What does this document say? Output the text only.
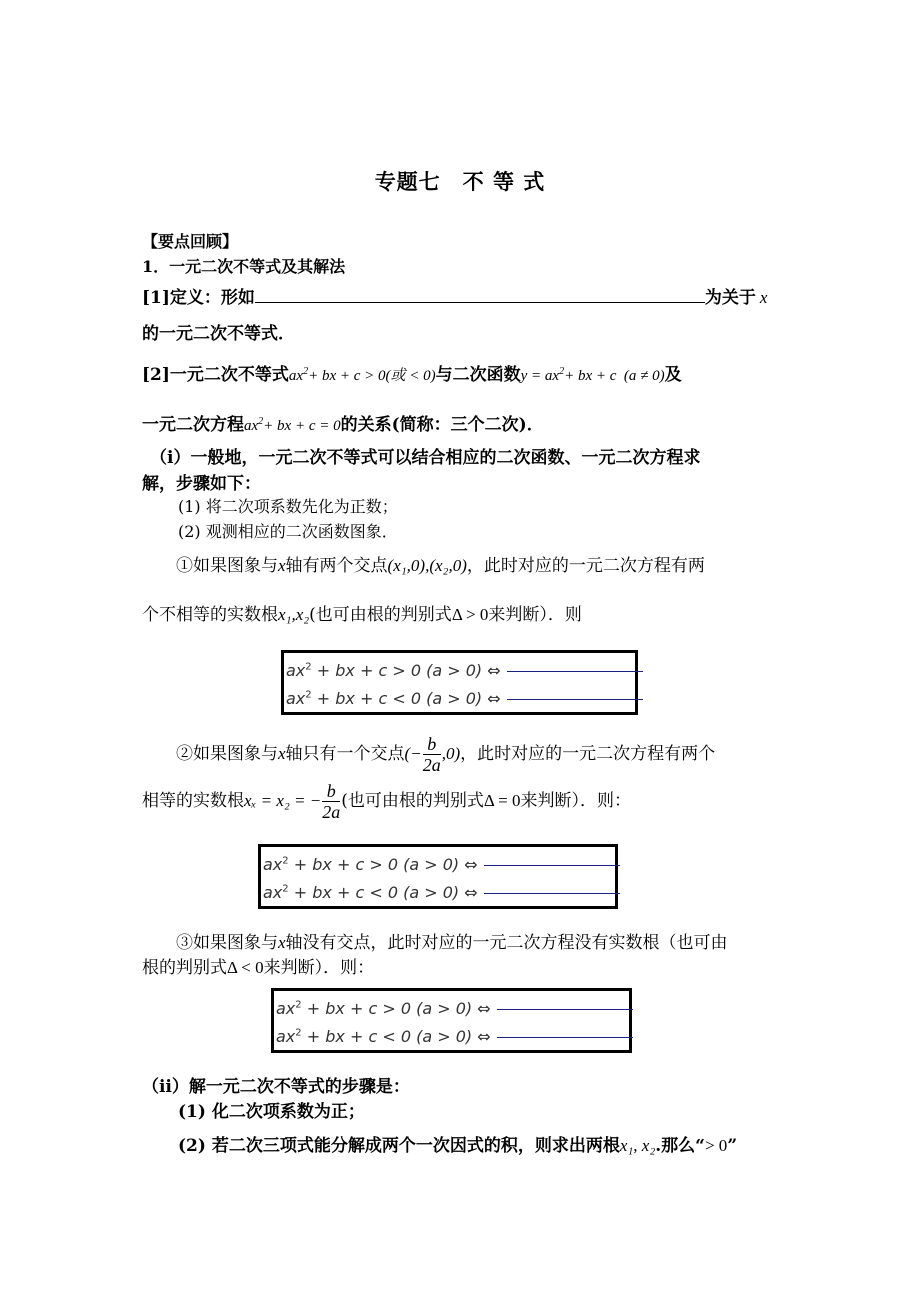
专题七　不 等 式
【要点回顾】
1．一元二次不等式及其解法
[1]定义：形如	为关于 x
的一元二次不等式．
[2]一元二次不等式$ax^2+$ bx + c > 0(或 < 0)与二次函数$y = ax^2+$ bx + c (a ≠ 0)及
一元二次方程$ax^2+$ bx + c = 0的关系(简称：三个二次)．
（ⅰ）一般地，一元二次不等式可以结合相应的二次函数、一元二次方程求
解，步骤如下：
(1) 将二次项系数先化为正数；
(2) 观测相应的二次函数图象．
①如果图象与x轴有两个交点(x₁,0),(x₂,0)，此时对应的一元二次方程有两
个不相等的实数根x₁,x₂(也可由根的判别式Δ > 0来判断）．则
$ax^2$ + bx + c > 0 (a > 0) ⇔
$ax^2$ + bx + c < 0 (a > 0) ⇔
②如果图象与x轴只有一个交点(− $\frac{b}{2a} ,0$)，此时对应的一元二次方程有两个
相等的实数根xₓ = x₂ = − $\frac{b}{2a}$ (也可由根的判别式Δ = 0来判断）．则：
$ax^2$ + bx + c > 0 (a > 0) ⇔
$ax^2$ + bx + c < 0 (a > 0) ⇔
③如果图象与x轴没有交点，此时对应的一元二次方程没有实数根（也可由
根的判别式Δ < 0来判断）．则：
$ax^2$ + bx + c > 0 (a > 0) ⇔
$ax^2$ + bx + c < 0 (a > 0) ⇔
（ⅱ）解一元二次不等式的步骤是：
(1) 化二次项系数为正；
(2) 若二次三项式能分解成两个一次因式的积，则求出两根x₁, x₂.那么“> 0”
